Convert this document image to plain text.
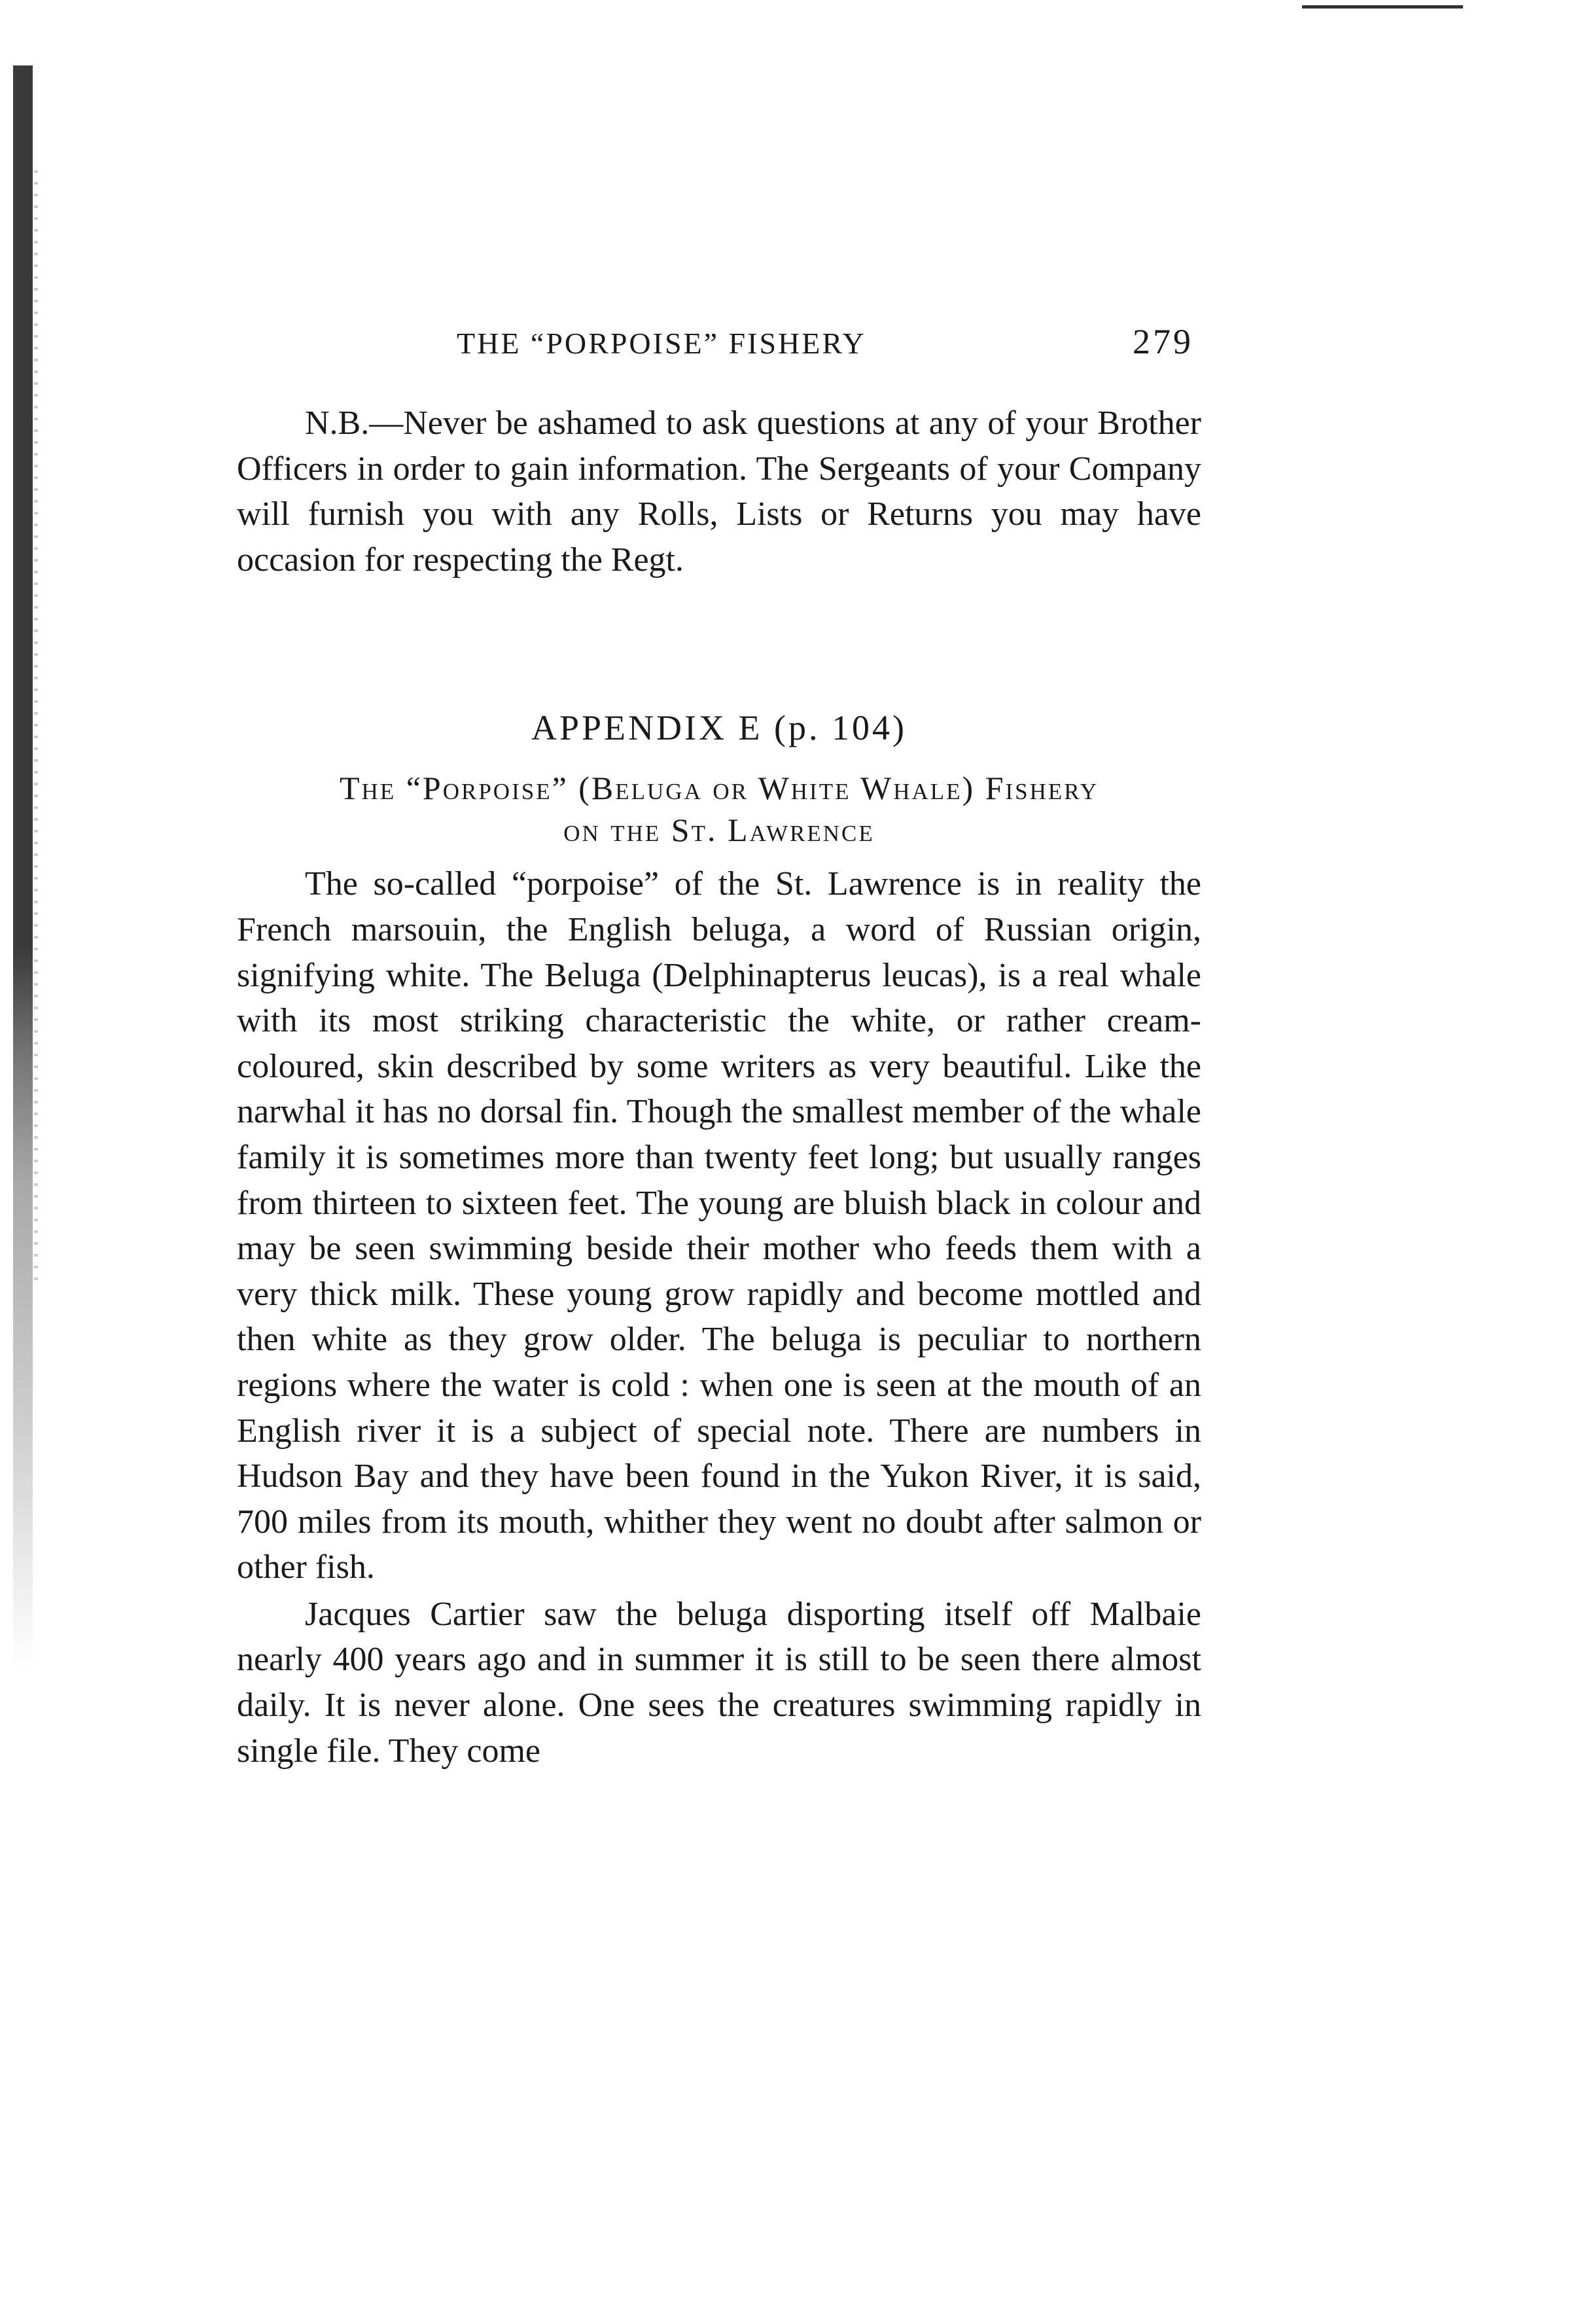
THE “PORPOISE” FISHERY	279

N.B.—Never be ashamed to ask questions at any of your Brother Officers in order to gain information. The Sergeants of your Company will furnish you with any Rolls, Lists or Returns you may have occasion for respecting the Regt.

APPENDIX E (p. 104)
The “Porpoise” (Beluga or White Whale) Fishery
on the St. Lawrence

The so-called “porpoise” of the St. Lawrence is in reality the French marsouin, the English beluga, a word of Russian origin, signifying white. The Beluga (Delphinapterus leucas), is a real whale with its most striking characteristic the white, or rather cream-coloured, skin described by some writers as very beautiful. Like the narwhal it has no dorsal fin. Though the smallest member of the whale family it is sometimes more than twenty feet long; but usually ranges from thirteen to sixteen feet. The young are bluish black in colour and may be seen swimming beside their mother who feeds them with a very thick milk. These young grow rapidly and become mottled and then white as they grow older. The beluga is peculiar to northern regions where the water is cold : when one is seen at the mouth of an English river it is a subject of special note. There are numbers in Hudson Bay and they have been found in the Yukon River, it is said, 700 miles from its mouth, whither they went no doubt after salmon or other fish.

Jacques Cartier saw the beluga disporting itself off Malbaie nearly 400 years ago and in summer it is still to be seen there almost daily. It is never alone. One sees the creatures swimming rapidly in single file. They come
